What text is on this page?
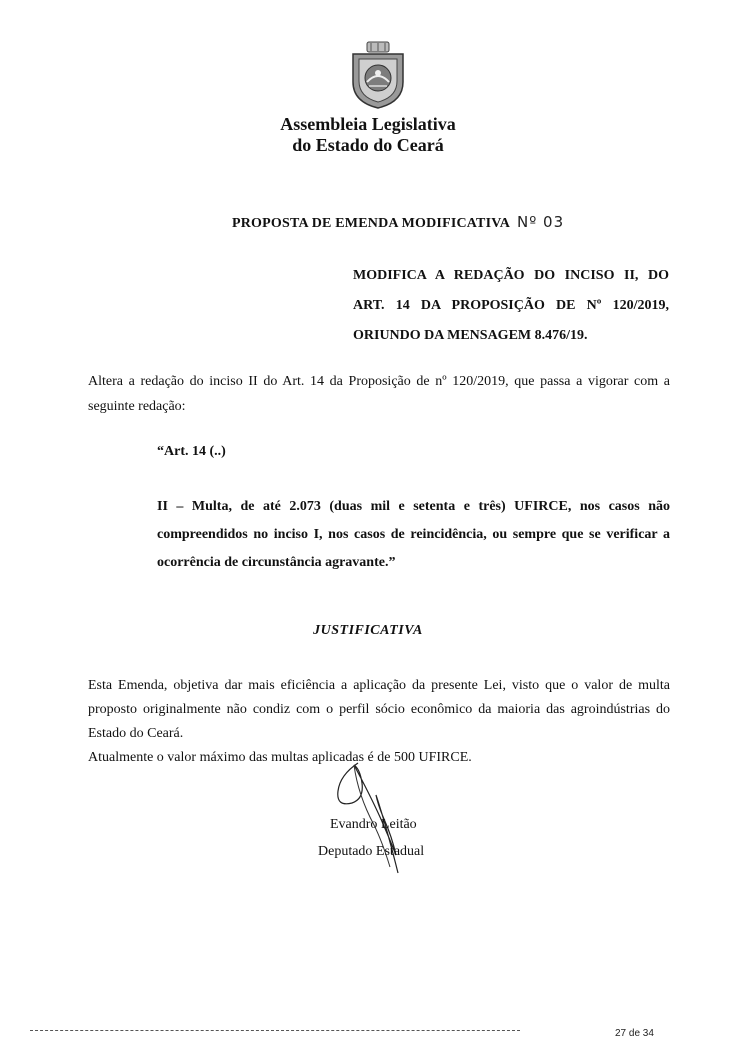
Assembleia Legislativa
do Estado do Ceará
PROPOSTA DE EMENDA MODIFICATIVA Nº 03
MODIFICA A REDAÇÃO DO INCISO II, DO
ART. 14 DA PROPOSIÇÃO DE Nº 120/2019,
ORIUNDO DA MENSAGEM 8.476/19.
Altera a redação do inciso II do Art. 14 da Proposição de nº 120/2019, que passa a vigorar com a seguinte redação:
“Art. 14 (..)
II – Multa, de até 2.073 (duas mil e setenta e três) UFIRCE, nos casos não compreendidos no inciso I, nos casos de reincidência, ou sempre que se verificar a ocorrência de circunstância agravante.”
JUSTIFICATIVA
Esta Emenda, objetiva dar mais eficiência a aplicação da presente Lei, visto que o valor de multa proposto originalmente não condiz com o perfil sócio econômico da maioria das agroindústrias do Estado do Ceará.
Atualmente o valor máximo das multas aplicadas é de 500 UFIRCE.
Evandro Leitão
Deputado Estadual
27 de 34
